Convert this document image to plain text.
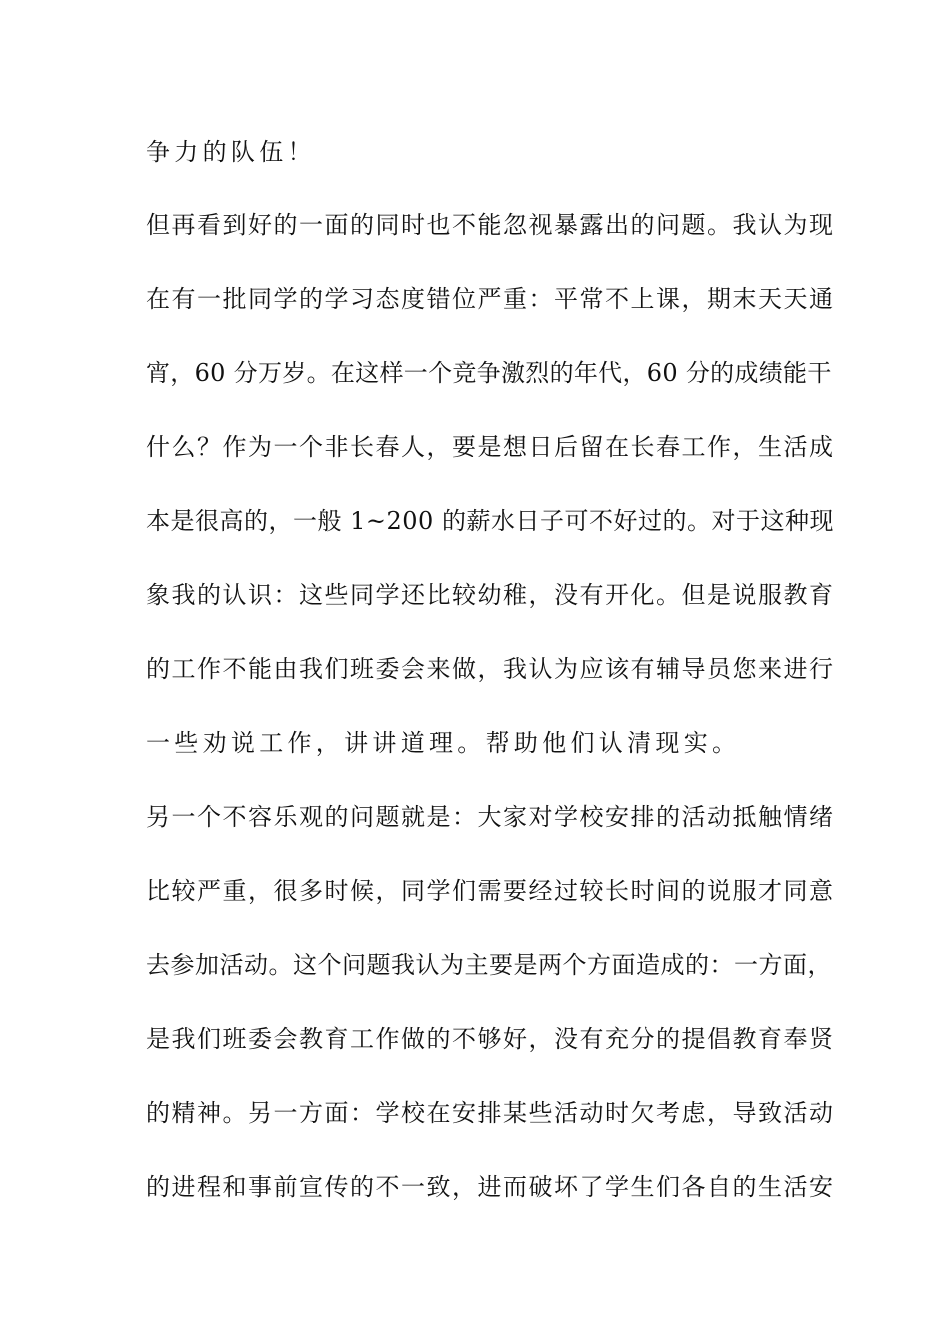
争力的队伍！
但再看到好的一面的同时也不能忽视暴露出的问题。我认为现
在有一批同学的学习态度错位严重：平常不上课，期末天天通
宵，60 分万岁。在这样一个竞争激烈的年代，60 分的成绩能干
什么？作为一个非长春人，要是想日后留在长春工作，生活成
本是很高的，一般 1~200 的薪水日子可不好过的。对于这种现
象我的认识：这些同学还比较幼稚，没有开化。但是说服教育
的工作不能由我们班委会来做，我认为应该有辅导员您来进行
一些劝说工作，讲讲道理。帮助他们认清现实。
另一个不容乐观的问题就是：大家对学校安排的活动抵触情绪
比较严重，很多时候，同学们需要经过较长时间的说服才同意
去参加活动。这个问题我认为主要是两个方面造成的：一方面，
是我们班委会教育工作做的不够好，没有充分的提倡教育奉贤
的精神。另一方面：学校在安排某些活动时欠考虑，导致活动
的进程和事前宣传的不一致，进而破坏了学生们各自的生活安
